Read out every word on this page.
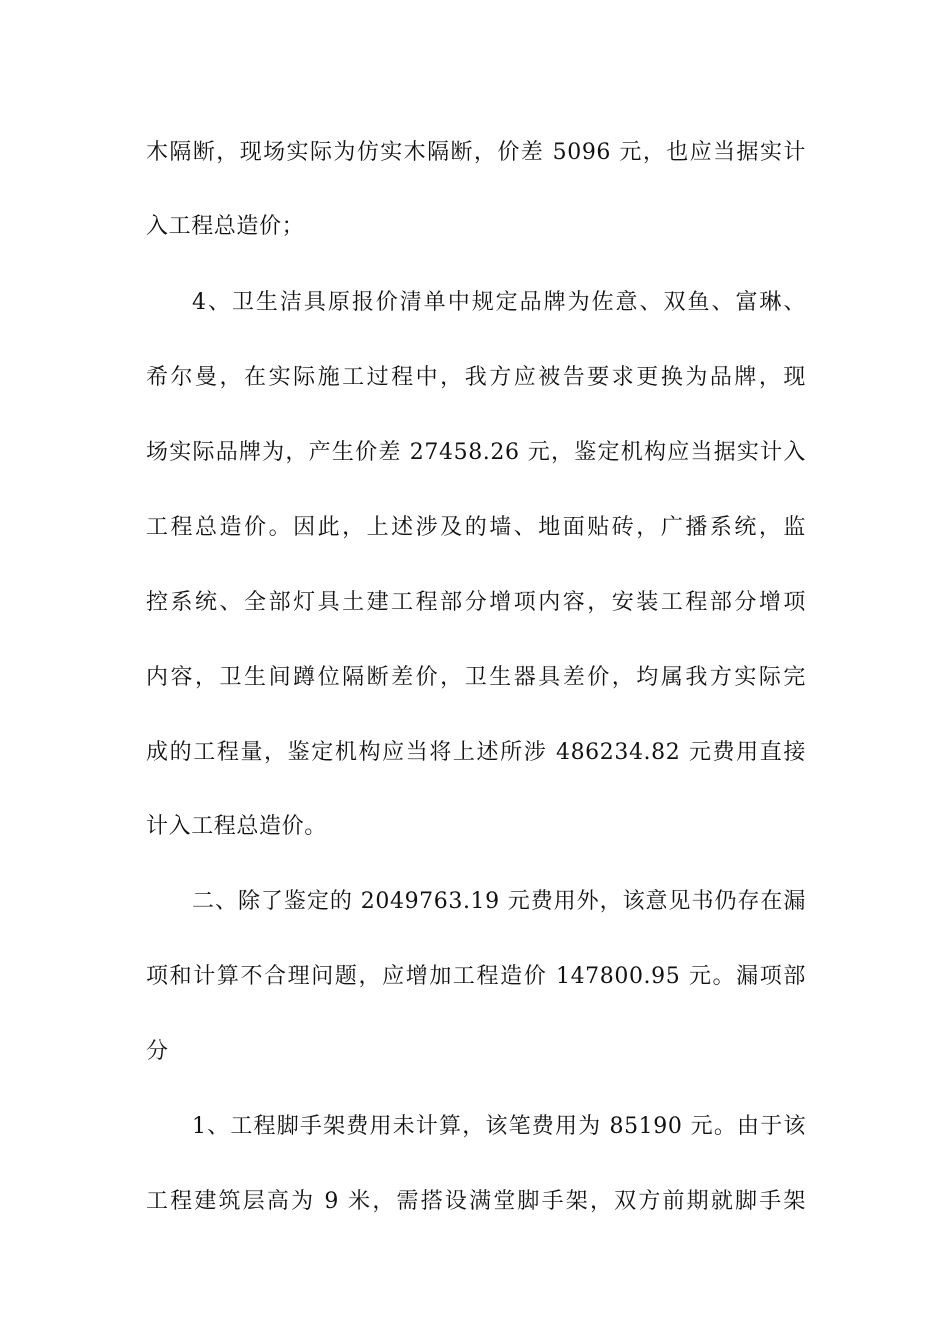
木隔断，现场实际为仿实木隔断，价差 5096 元，也应当据实计
入工程总造价；
4、卫生洁具原报价清单中规定品牌为佐意、双鱼、富琳、
希尔曼，在实际施工过程中，我方应被告要求更换为品牌，现
场实际品牌为，产生价差 27458.26 元，鉴定机构应当据实计入
工程总造价。因此，上述涉及的墙、地面贴砖，广播系统，监
控系统、全部灯具土建工程部分增项内容，安装工程部分增项
内容，卫生间蹲位隔断差价，卫生器具差价，均属我方实际完
成的工程量，鉴定机构应当将上述所涉 486234.82 元费用直接
计入工程总造价。
二、除了鉴定的 2049763.19 元费用外，该意见书仍存在漏
项和计算不合理问题，应增加工程造价 147800.95 元。漏项部
分
1、工程脚手架费用未计算，该笔费用为 85190 元。由于该
工程建筑层高为 9 米，需搭设满堂脚手架，双方前期就脚手架
